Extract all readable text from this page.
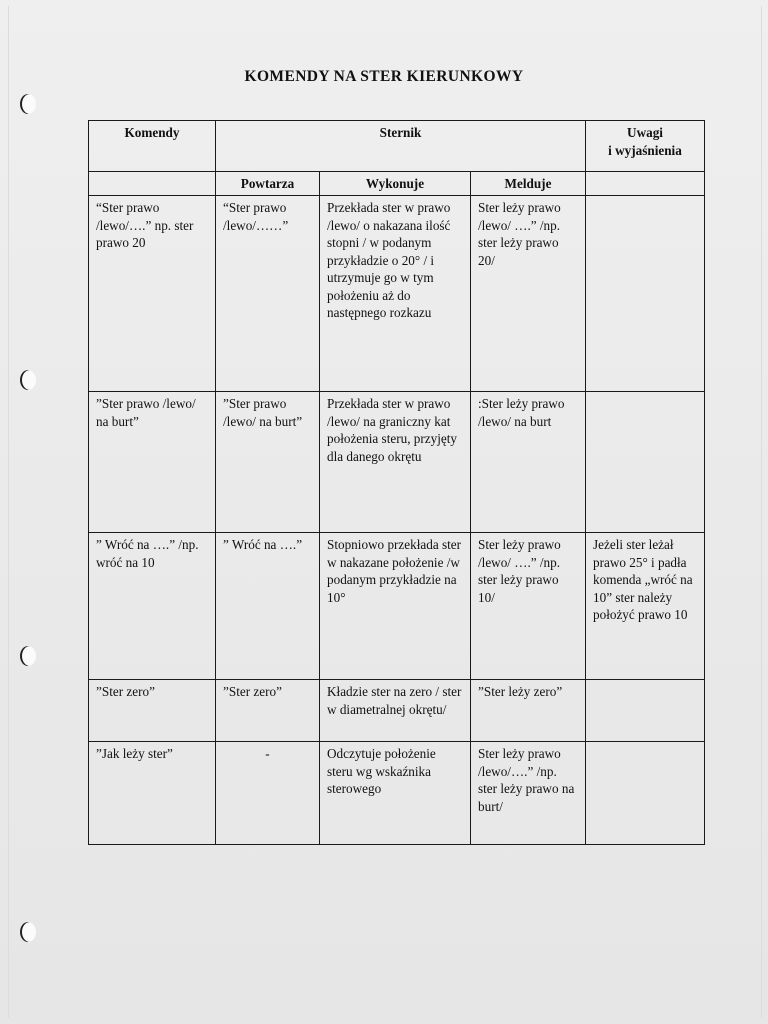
KOMENDY NA STER KIERUNKOWY
Komendy	Sternik			Uwagi
i wyjaśnienia
	Powtarza	Wykonuje	Melduje	
“Ster prawo /lewo/….” np. ster prawo 20	“Ster prawo /lewo/……”	Przekłada ster w prawo /lewo/ o nakazana ilość stopni / w podanym przykładzie o 20° / i utrzymuje go w tym położeniu aż do następnego rozkazu	Ster leży prawo /lewo/ ….” /np. ster leży prawo 20/	
”Ster prawo /lewo/ na burt”	”Ster prawo /lewo/ na burt”	Przekłada ster w prawo /lewo/ na graniczny kat położenia steru, przyjęty dla danego okrętu	:Ster leży prawo /lewo/ na burt	
” Wróć na ….” /np. wróć na 10	” Wróć na ….”	Stopniowo przekłada ster w nakazane położenie /w podanym przykładzie na 10°	Ster leży prawo /lewo/ ….” /np. ster leży prawo 10/	Jeżeli ster leżał prawo 25° i padła komenda „wróć na 10” ster należy położyć prawo 10
”Ster zero”	”Ster zero”	Kładzie ster na zero / ster w diametralnej okrętu/	”Ster leży zero”	
”Jak leży ster”	-	Odczytuje położenie steru wg wskaźnika sterowego	Ster leży prawo /lewo/….” /np. ster leży prawo na burt/	
